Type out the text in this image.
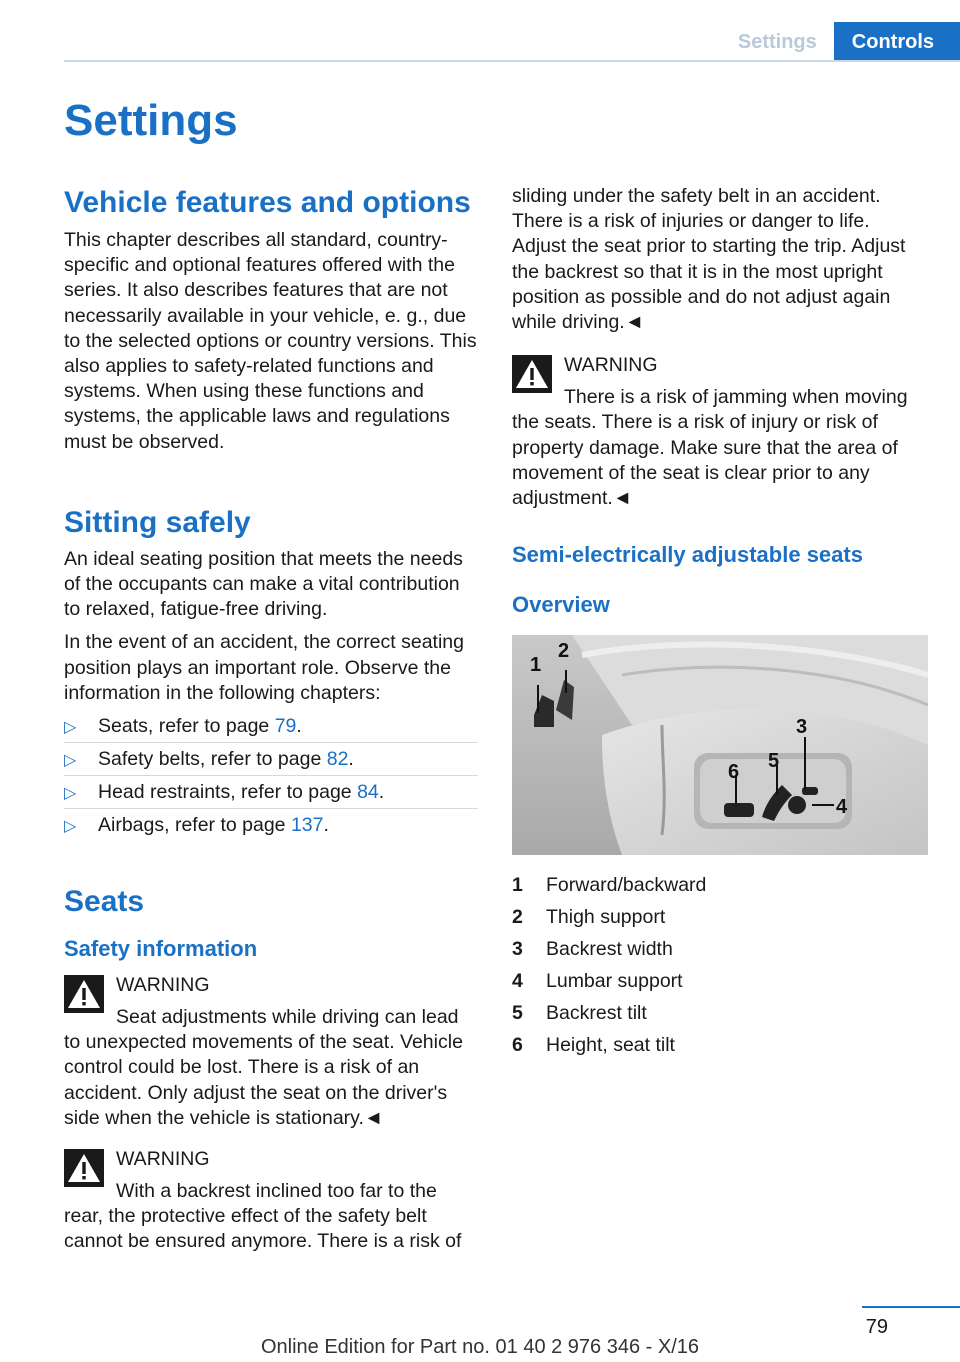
Settings	Controls
Settings
Vehicle features and options

This chapter describes all standard, country-specific and optional features offered with the series. It also describes features that are not necessarily available in your vehicle, e. g., due to the selected options or country versions. This also applies to safety-related functions and systems. When using these functions and systems, the applicable laws and regulations must be observed.

Sitting safely

An ideal seating position that meets the needs of the occupants can make a vital contribution to relaxed, fatigue-free driving.

In the event of an accident, the correct seating position plays an important role. Observe the information in the following chapters:

▷ Seats, refer to page 79.
▷ Safety belts, refer to page 82.
▷ Head restraints, refer to page 84.
▷ Airbags, refer to page 137.
Seats
Safety information
WARNING
Seat adjustments while driving can lead
to unexpected movements of the seat. Vehicle control could be lost. There is a risk of an accident. Only adjust the seat on the driver's side when the vehicle is stationary.◄
WARNING
With a backrest inclined too far to the
rear, the protective effect of the safety belt cannot be ensured anymore. There is a risk of

sliding under the safety belt in an accident. There is a risk of injuries or danger to life. Adjust the seat prior to starting the trip. Adjust the backrest so that it is in the most upright position as possible and do not adjust again while driving.◄

WARNING
There is a risk of jamming when moving
the seats. There is a risk of injury or risk of property damage. Make sure that the area of movement of the seat is clear prior to any adjustment.◄
Semi-electrically adjustable seats
Overview
1
2
3
4
5
6
1	Forward/backward
2	Thigh support
3	Backrest width
4	Lumbar support
5	Backrest tilt
6	Height, seat tilt
79
Online Edition for Part no. 01 40 2 976 346 - X/16
